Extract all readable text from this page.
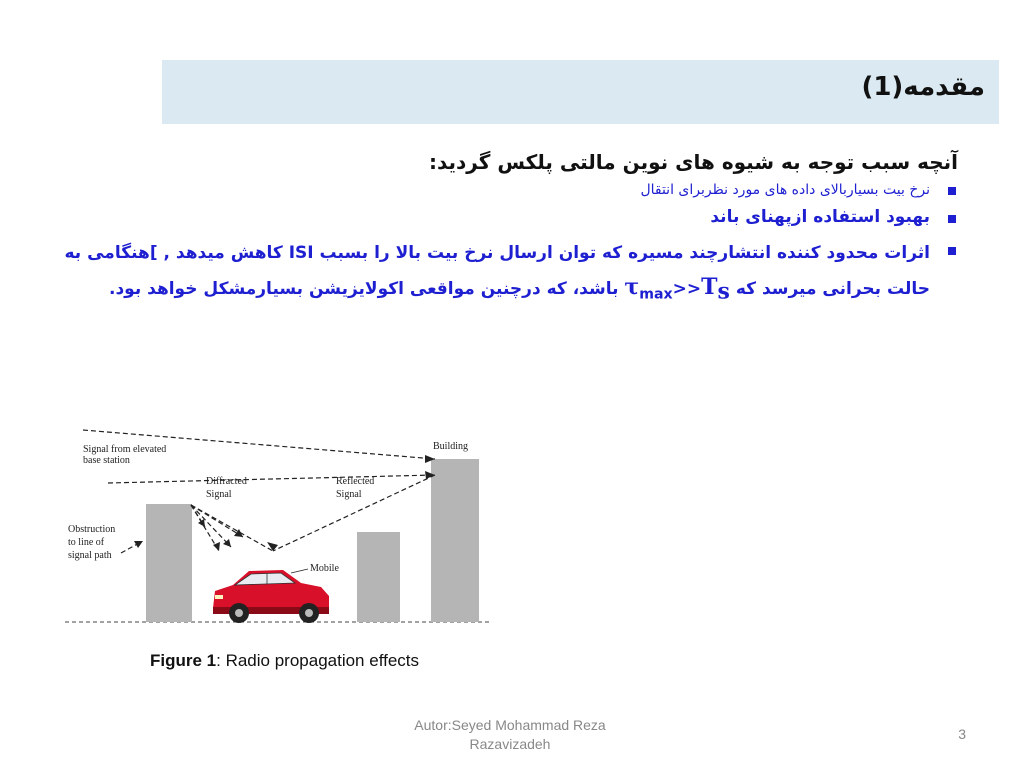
مقدمه(1)

آنچه سبب توجه به شیوه های نوین مالتی پلکس گردید:

نرخ بیت بسیاربالای داده های مورد نظربرای انتقال
بهبود استفاده ازپهنای باند
اثرات محدود کننده انتشارچند مسیره که توان ارسال نرخ بیت بالا را بسبب ISI کاهش میدهد , ]هنگامی به حالت بحرانی میرسد که $\tau_{max}>>T_s$ باشد، که درچنین مواقعی اکولایزیشن بسیارمشکل خواهد بود.
Signal from elevated
base station
Building
Diffracted
Signal
Reflected
Signal
Obstruction
to line of
signal path
Mobile
Figure 1: Radio propagation effects
Autor:Seyed Mohammad Reza
Razavizadeh
3
